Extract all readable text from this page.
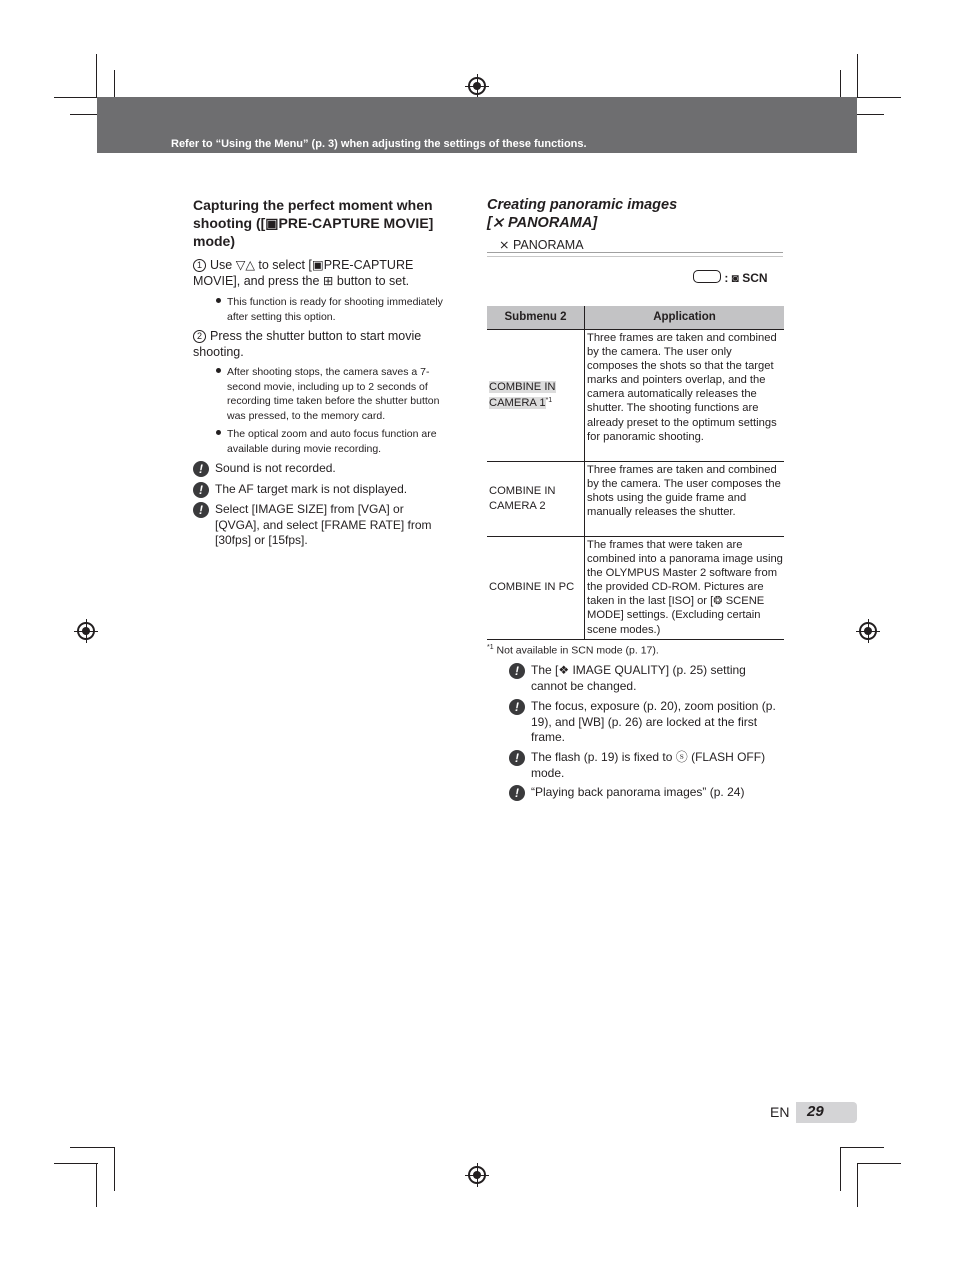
Refer to “Using the Menu” (p. 3) when adjusting the settings of these functions.
Capturing the perfect moment when shooting ([▣PRE-CAPTURE MOVIE] mode)
1 Use ▽△ to select [▣PRE-CAPTURE MOVIE], and press the ⊞ button to set.
This function is ready for shooting immediately after setting this option.
2 Press the shutter button to start movie shooting.
After shooting stops, the camera saves a 7-second movie, including up to 2 seconds of recording time taken before the shutter button was pressed, to the memory card.
The optical zoom and auto focus function are available during movie recording.
!	Sound is not recorded.
!	The AF target mark is not displayed.
!	Select [IMAGE SIZE] from [VGA] or [QVGA], and select [FRAME RATE] from [30fps] or [15fps].
Creating panoramic images
[⨯ PANORAMA]
⨯ PANORAMA
: ◙ SCN
Submenu 2	Application
COMBINE IN CAMERA 1$^{*1}$	Three frames are taken and combined by the camera. The user only composes the shots so that the target marks and pointers overlap, and the camera automatically releases the shutter. The shooting functions are already preset to the optimum settings for panoramic shooting.
COMBINE IN CAMERA 2	Three frames are taken and combined by the camera. The user composes the shots using the guide frame and manually releases the shutter.
COMBINE IN PC	The frames that were taken are combined into a panorama image using the OLYMPUS Master 2 software from the provided CD-ROM. Pictures are taken in the last [ISO] or [❂ SCENE MODE] settings. (Excluding certain scene modes.)
$^{*1}$ Not available in SCN mode (p. 17).
!	The [❖ IMAGE QUALITY] (p. 25) setting cannot be changed.
!	The focus, exposure (p. 20), zoom position (p. 19), and [WB] (p. 26) are locked at the first frame.
!	The flash (p. 19) is fixed to ⓢ (FLASH OFF) mode.
!	“Playing back panorama images” (p. 24)
EN 29
